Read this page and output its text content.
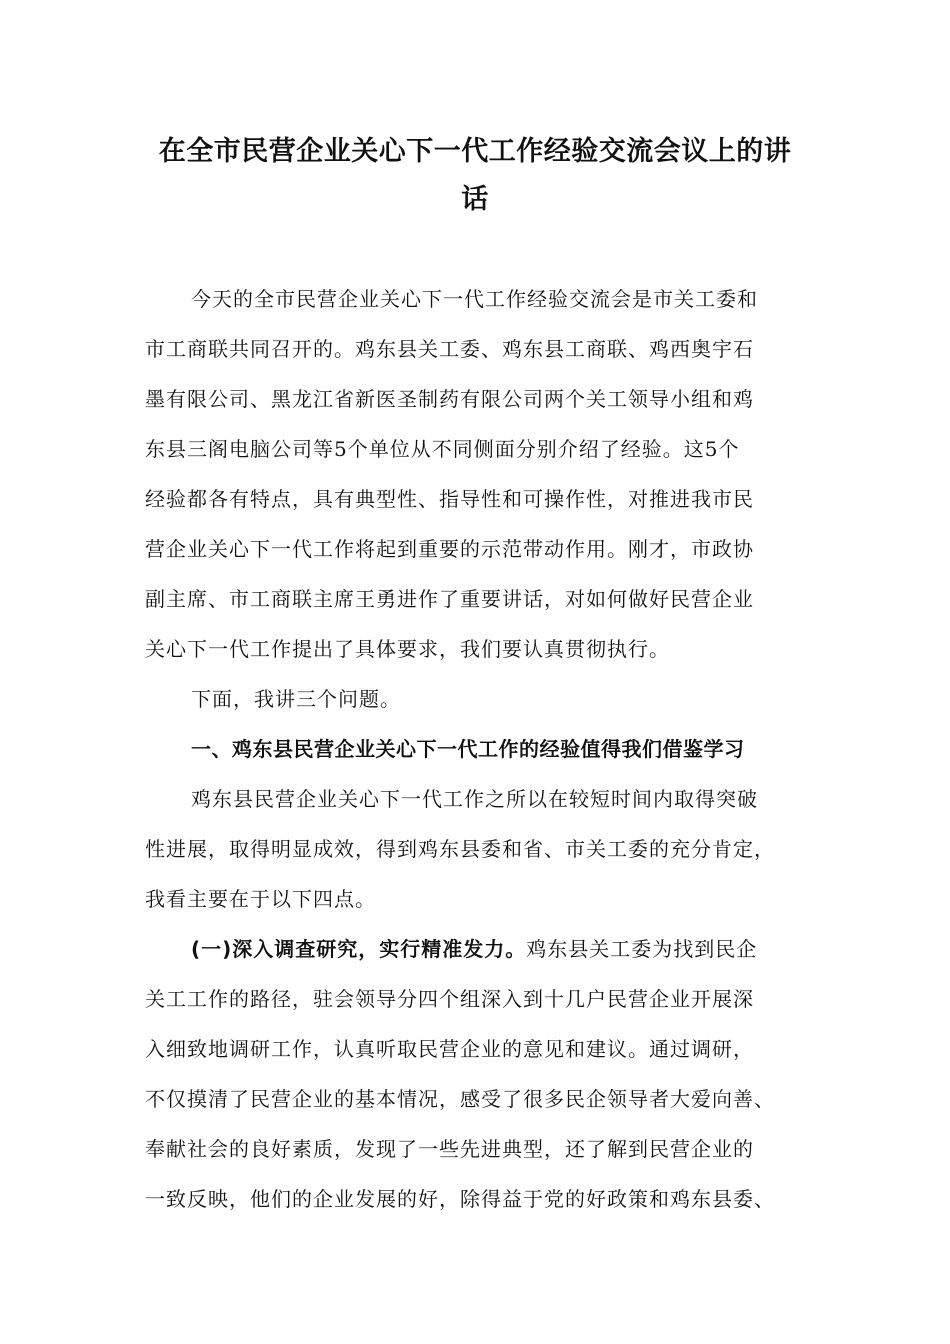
在全市民营企业关心下一代工作经验交流会议上的讲
话
今天的全市民营企业关心下一代工作经验交流会是市关工委和
市工商联共同召开的。鸡东县关工委、鸡东县工商联、鸡西奥宇石
墨有限公司、黑龙江省新医圣制药有限公司两个关工领导小组和鸡
东县三阁电脑公司等5个单位从不同侧面分别介绍了经验。这5个
经验都各有特点，具有典型性、指导性和可操作性，对推进我市民
营企业关心下一代工作将起到重要的示范带动作用。刚才，市政协
副主席、市工商联主席王勇进作了重要讲话，对如何做好民营企业
关心下一代工作提出了具体要求，我们要认真贯彻执行。
下面，我讲三个问题。
一、鸡东县民营企业关心下一代工作的经验值得我们借鉴学习
鸡东县民营企业关心下一代工作之所以在较短时间内取得突破
性进展，取得明显成效，得到鸡东县委和省、市关工委的充分肯定，
我看主要在于以下四点。
(一)深入调查研究，实行精准发力。鸡东县关工委为找到民企
关工工作的路径，驻会领导分四个组深入到十几户民营企业开展深
入细致地调研工作，认真听取民营企业的意见和建议。通过调研，
不仅摸清了民营企业的基本情况，感受了很多民企领导者大爱向善、
奉献社会的良好素质，发现了一些先进典型，还了解到民营企业的
一致反映，他们的企业发展的好，除得益于党的好政策和鸡东县委、
